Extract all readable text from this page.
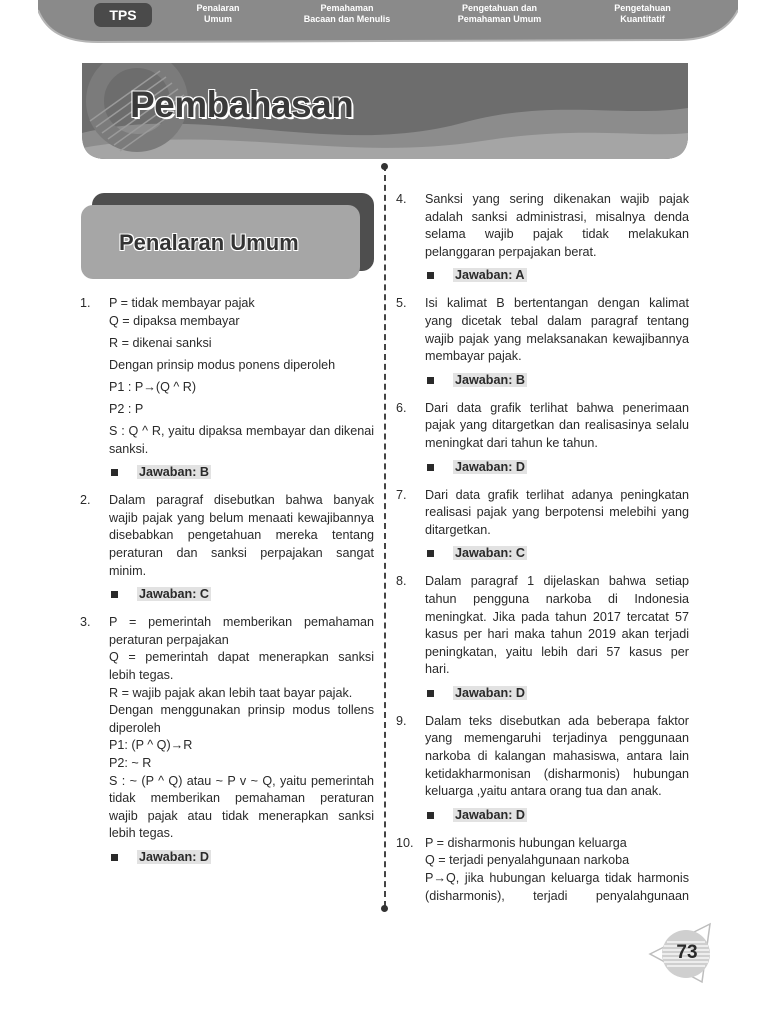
TPS	Penalaran
Umum
Pemahaman
Bacaan dan Menulis
Pengetahuan dan
Pemahaman Umum
Pengetahuan
Kuantitatif
Pembahasan
Penalaran Umum
1. P = tidak membayar pajak
Q = dipaksa membayar
R = dikenai sanksi
Dengan prinsip modus ponens diperoleh
P1 : P→(Q ^ R)
P2 : P
S : Q ^ R, yaitu dipaksa membayar dan dikenai
sanksi.
Jawaban: B
2. Dalam paragraf disebutkan bahwa banyak
wajib pajak yang belum menaati kewajibannya
disebabkan pengetahuan mereka tentang
peraturan dan sanksi perpajakan sangat
minim.
Jawaban: C
3. P = pemerintah memberikan pemahaman
peraturan perpajakan
Q = pemerintah dapat menerapkan sanksi
lebih tegas.
R = wajib pajak akan lebih taat bayar pajak.
Dengan menggunakan prinsip modus tollens
diperoleh
P1: (P ^ Q)→R
P2: ~ R
S : ~ (P ^ Q) atau ~ P v ~ Q, yaitu pemerintah
tidak memberikan pemahaman peraturan
wajib pajak atau tidak menerapkan sanksi
lebih tegas.
Jawaban: D
4. Sanksi yang sering dikenakan wajib pajak
adalah sanksi administrasi, misalnya denda
selama wajib pajak tidak melakukan
pelanggaran perpajakan berat.
Jawaban: A
5. Isi kalimat B bertentangan dengan kalimat
yang dicetak tebal dalam paragraf tentang
wajib pajak yang melaksanakan kewajibannya
membayar pajak.
Jawaban: B
6. Dari data grafik terlihat bahwa penerimaan
pajak yang ditargetkan dan realisasinya selalu
meningkat dari tahun ke tahun.
Jawaban: D
7. Dari data grafik terlihat adanya peningkatan
realisasi pajak yang berpotensi melebihi yang
ditargetkan.
Jawaban: C
8. Dalam paragraf 1 dijelaskan bahwa setiap
tahun pengguna narkoba di Indonesia
meningkat. Jika pada tahun 2017 tercatat 57
kasus per hari maka tahun 2019 akan terjadi
peningkatan, yaitu lebih dari 57 kasus per
hari.
Jawaban: D
9. Dalam teks disebutkan ada beberapa faktor
yang memengaruhi terjadinya penggunaan
narkoba di kalangan mahasiswa, antara lain
ketidakharmonisan (disharmonis) hubungan
keluarga ,yaitu antara orang tua dan anak.
Jawaban: D
10. P = disharmonis hubungan keluarga
Q = terjadi penyalahgunaan narkoba
P→Q, jika hubungan keluarga tidak harmonis
(disharmonis), terjadi penyalahgunaan
73
